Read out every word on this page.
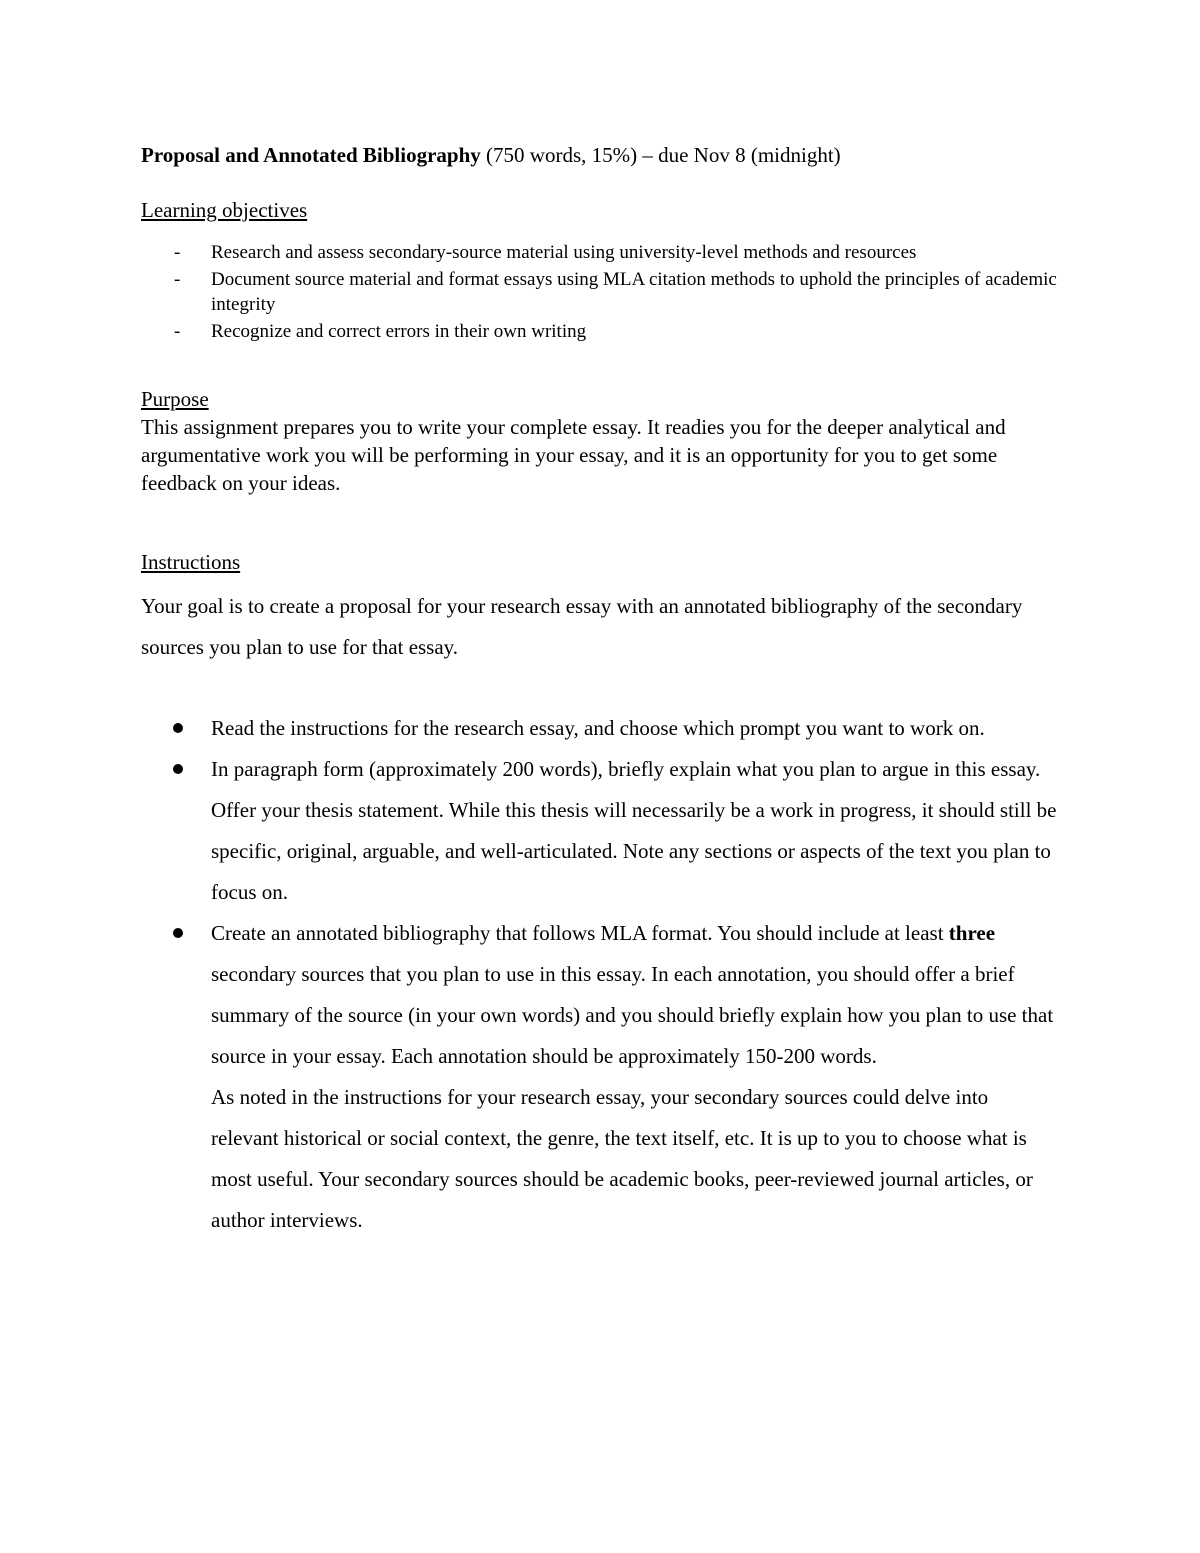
Proposal and Annotated Bibliography (750 words, 15%) – due Nov 8 (midnight)
Learning objectives
- Research and assess secondary-source material using university-level methods and resources
- Document source material and format essays using MLA citation methods to uphold the principles of academic integrity
- Recognize and correct errors in their own writing
Purpose
This assignment prepares you to write your complete essay. It readies you for the deeper analytical and argumentative work you will be performing in your essay, and it is an opportunity for you to get some feedback on your ideas.
Instructions
Your goal is to create a proposal for your research essay with an annotated bibliography of the secondary sources you plan to use for that essay.
Read the instructions for the research essay, and choose which prompt you want to work on.
In paragraph form (approximately 200 words), briefly explain what you plan to argue in this essay. Offer your thesis statement. While this thesis will necessarily be a work in progress, it should still be specific, original, arguable, and well-articulated. Note any sections or aspects of the text you plan to focus on.
Create an annotated bibliography that follows MLA format. You should include at least three secondary sources that you plan to use in this essay. In each annotation, you should offer a brief summary of the source (in your own words) and you should briefly explain how you plan to use that source in your essay. Each annotation should be approximately 150-200 words.
As noted in the instructions for your research essay, your secondary sources could delve into relevant historical or social context, the genre, the text itself, etc. It is up to you to choose what is most useful. Your secondary sources should be academic books, peer-reviewed journal articles, or author interviews.
